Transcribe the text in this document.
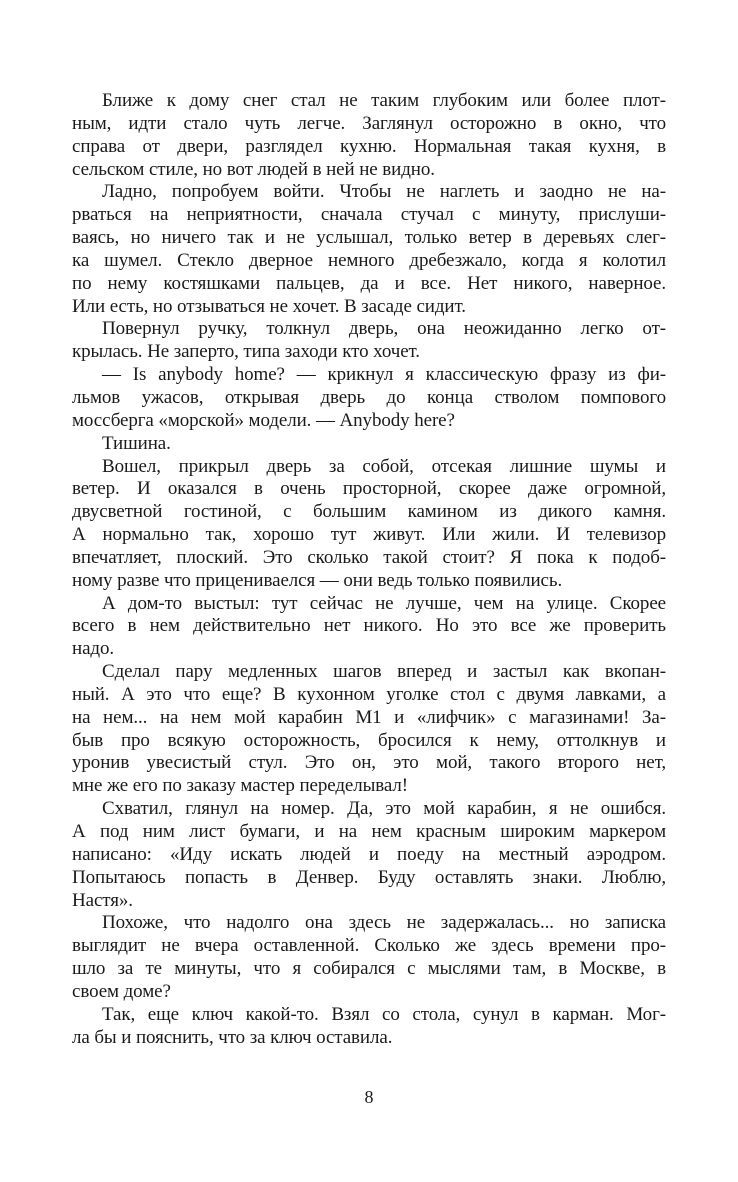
Ближе к дому снег стал не таким глубоким или более плот-
ным, идти стало чуть легче. Заглянул осторожно в окно, что
справа от двери, разглядел кухню. Нормальная такая кухня, в
сельском стиле, но вот людей в ней не видно.
Ладно, попробуем войти. Чтобы не наглеть и заодно не на-
рваться на неприятности, сначала стучал с минуту, прислуши-
ваясь, но ничего так и не услышал, только ветер в деревьях слег-
ка шумел. Стекло дверное немного дребезжало, когда я колотил
по нему костяшками пальцев, да и все. Нет никого, наверное.
Или есть, но отзываться не хочет. В засаде сидит.
Повернул ручку, толкнул дверь, она неожиданно легко от-
крылась. Не заперто, типа заходи кто хочет.
— Is anybody home? — крикнул я классическую фразу из фи-
льмов ужасов, открывая дверь до конца стволом помпового
моссберга «морской» модели. — Anybody here?
Тишина.
Вошел, прикрыл дверь за собой, отсекая лишние шумы и
ветер. И оказался в очень просторной, скорее даже огромной,
двусветной гостиной, с большим камином из дикого камня.
А нормально так, хорошо тут живут. Или жили. И телевизор
впечатляет, плоский. Это сколько такой стоит? Я пока к подоб-
ному разве что прицениваелся — они ведь только появились.
А дом-то выстыл: тут сейчас не лучше, чем на улице. Скорее
всего в нем действительно нет никого. Но это все же проверить
надо.
Сделал пару медленных шагов вперед и застыл как вкопан-
ный. А это что еще? В кухонном уголке стол с двумя лавками, а
на нем... на нем мой карабин М1 и «лифчик» с магазинами! За-
быв про всякую осторожность, бросился к нему, оттолкнув и
уронив увесистый стул. Это он, это мой, такого второго нет,
мне же его по заказу мастер переделывал!
Схватил, глянул на номер. Да, это мой карабин, я не ошибся.
А под ним лист бумаги, и на нем красным широким маркером
написано: «Иду искать людей и поеду на местный аэродром.
Попытаюсь попасть в Денвер. Буду оставлять знаки. Люблю,
Настя».
Похоже, что надолго она здесь не задержалась... но записка
выглядит не вчера оставленной. Сколько же здесь времени про-
шло за те минуты, что я собирался с мыслями там, в Москве, в
своем доме?
Так, еще ключ какой-то. Взял со стола, сунул в карман. Мог-
ла бы и пояснить, что за ключ оставила.
8
